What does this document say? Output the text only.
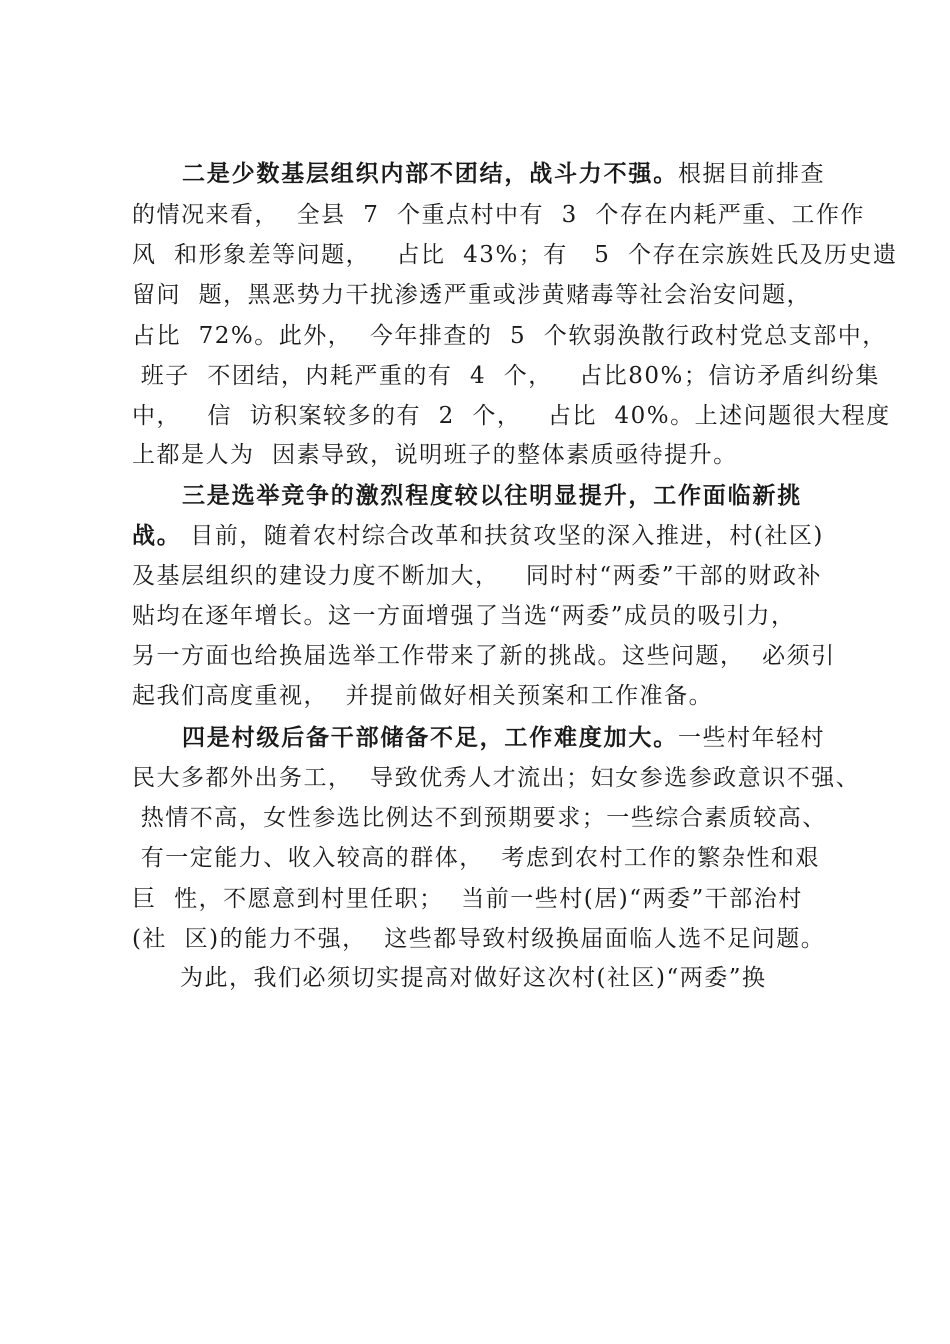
二是少数基层组织内部不团结，战斗力不强。根据目前排查
的情况来看，  全县  7  个重点村中有  3  个存在内耗严重、工作作
风  和形象差等问题，   占比  43%；有   5  个存在宗族姓氏及历史遗
留问  题，黑恶势力干扰渗透严重或涉黄赌毒等社会治安问题，
占比  72%。此外，  今年排查的  5  个软弱涣散行政村党总支部中，
班子  不团结，内耗严重的有  4  个，   占比80%；信访矛盾纠纷集
中，   信  访积案较多的有  2  个，   占比  40%。上述问题很大程度
上都是人为  因素导致，说明班子的整体素质亟待提升。
三是选举竞争的激烈程度较以往明显提升，工作面临新挑
战。 目前，随着农村综合改革和扶贫攻坚的深入推进，村(社区)
及基层组织的建设力度不断加大，   同时村“两委”干部的财政补
贴均在逐年增长。这一方面增强了当选“两委”成员的吸引力，
另一方面也给换届选举工作带来了新的挑战。这些问题，  必须引
起我们高度重视，  并提前做好相关预案和工作准备。
四是村级后备干部储备不足，工作难度加大。一些村年轻村
民大多都外出务工，  导致优秀人才流出；妇女参选参政意识不强、
热情不高，女性参选比例达不到预期要求；一些综合素质较高、
有一定能力、收入较高的群体，  考虑到农村工作的繁杂性和艰
巨  性，不愿意到村里任职；  当前一些村(居)“两委”干部治村
(社  区)的能力不强，  这些都导致村级换届面临人选不足问题。
为此，我们必须切实提高对做好这次村(社区)“两委”换
